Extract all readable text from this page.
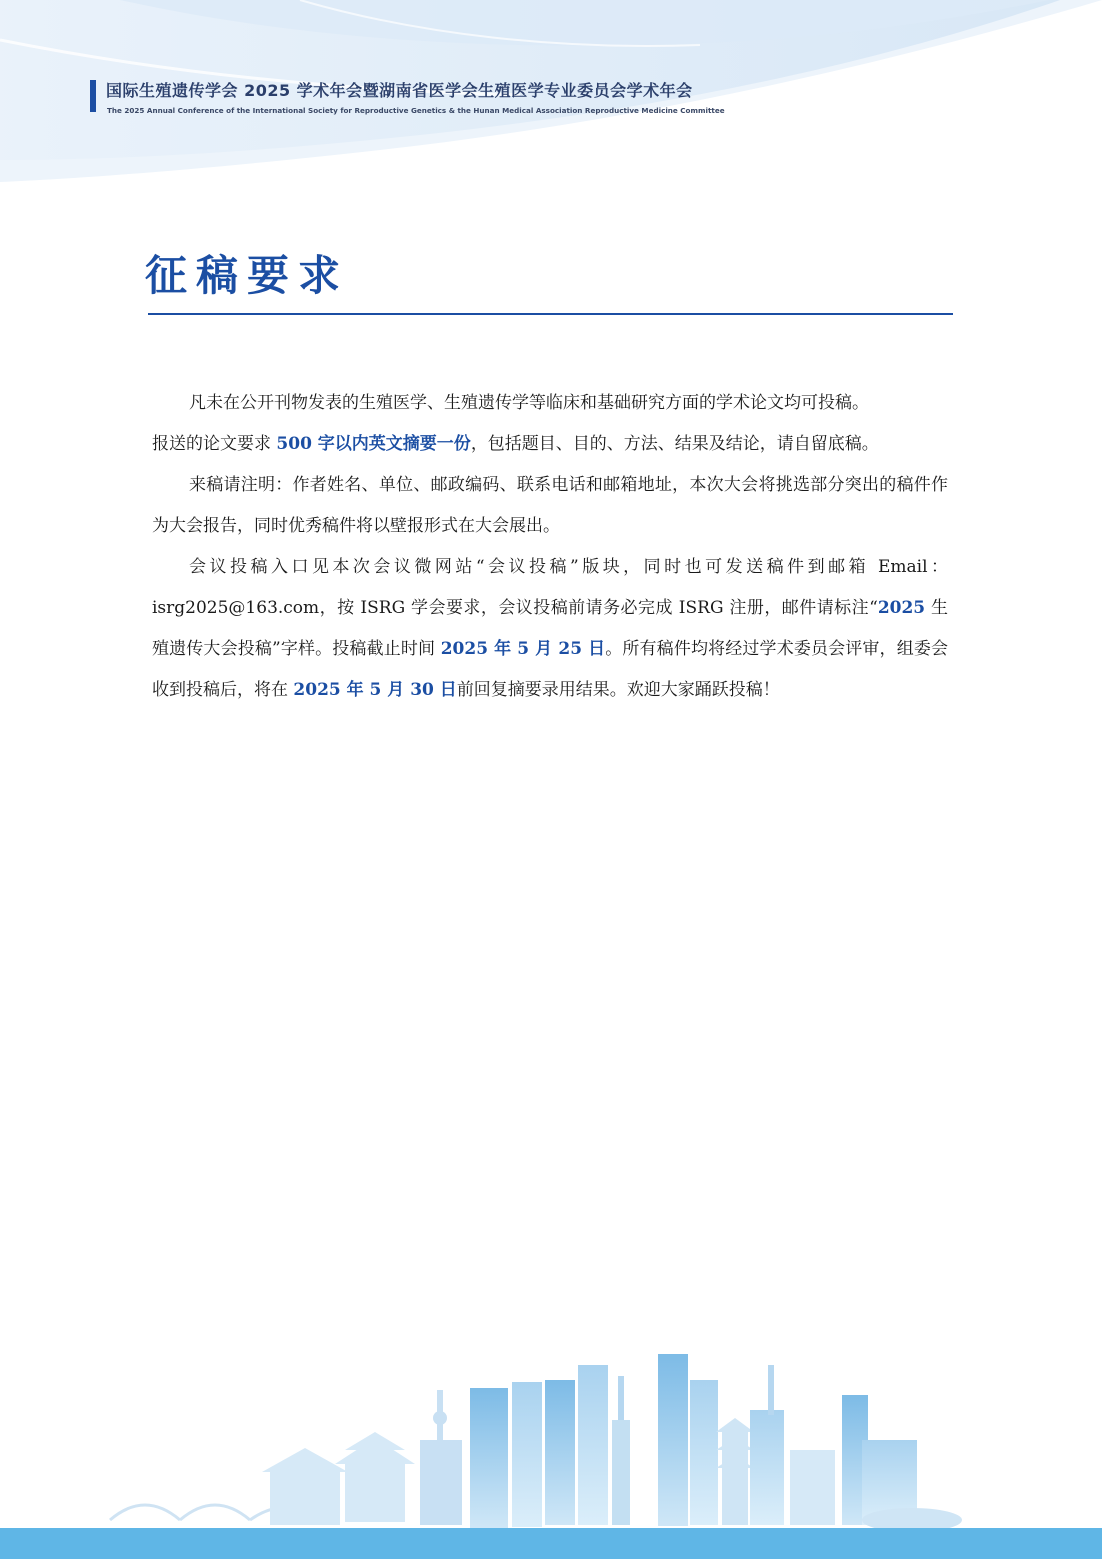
国际生殖遗传学会 2025 学术年会暨湖南省医学会生殖医学专业委员会学术年会
The 2025 Annual Conference of the International Society for Reproductive Genetics & the Hunan Medical Association Reproductive Medicine Committee
征稿要求

凡未在公开刊物发表的生殖医学、生殖遗传学等临床和基础研究方面的学术论文均可投稿。

报送的论文要求 500 字以内英文摘要一份，包括题目、目的、方法、结果及结论，请自留底稿。

来稿请注明：作者姓名、单位、邮政编码、联系电话和邮箱地址，本次大会将挑选部分突出的稿件作为大会报告，同时优秀稿件将以壁报形式在大会展出。

会议投稿入口见本次会议微网站“会议投稿”版块，同时也可发送稿件到邮箱 Email：isrg2025@163.com，按 ISRG 学会要求，会议投稿前请务必完成 ISRG 注册，邮件请标注“2025 生殖遗传大会投稿”字样。投稿截止时间 2025 年 5 月 25 日。所有稿件均将经过学术委员会评审，组委会收到投稿后，将在 2025 年 5 月 30 日前回复摘要录用结果。欢迎大家踊跃投稿！
